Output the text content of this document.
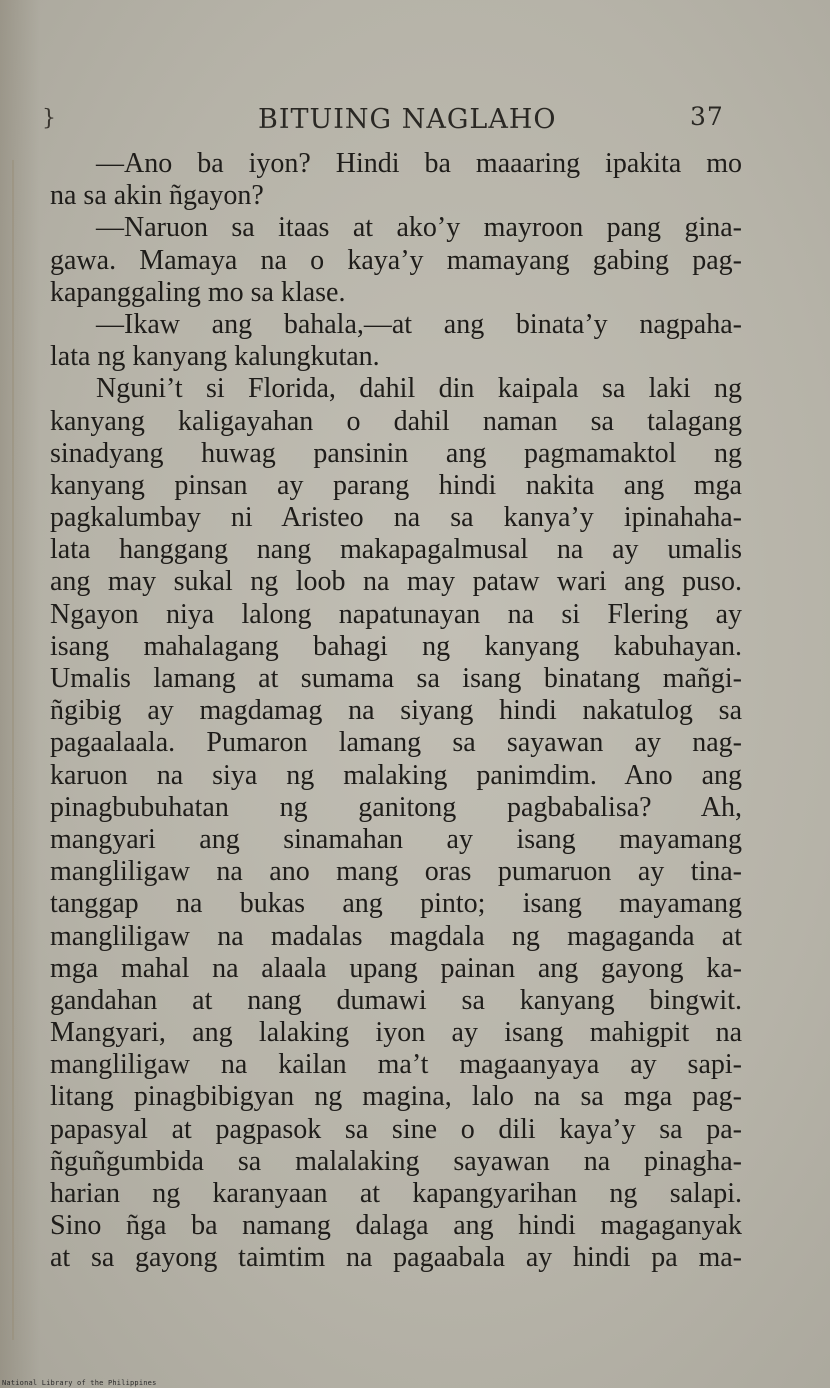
}	BITUING NAGLAHO	37
—Ano ba iyon? Hindi ba maaaring ipakita mo
na sa akin ñgayon?
—Naruon sa itaas at ako’y mayroon pang gina-
gawa. Mamaya na o kaya’y mamayang gabing pag-
kapanggaling mo sa klase.
—Ikaw ang bahala,—at ang binata’y nagpaha-
lata ng kanyang kalungkutan.
Nguni’t si Florida, dahil din kaipala sa laki ng
kanyang kaligayahan o dahil naman sa talagang
sinadyang huwag pansinin ang pagmamaktol ng
kanyang pinsan ay parang hindi nakita ang mga
pagkalumbay ni Aristeo na sa kanya’y ipinahaha-
lata hanggang nang makapagalmusal na ay umalis
ang may sukal ng loob na may pataw wari ang puso.
Ngayon niya lalong napatunayan na si Flering ay
isang mahalagang bahagi ng kanyang kabuhayan.
Umalis lamang at sumama sa isang binatang mañgi-
ñgibig ay magdamag na siyang hindi nakatulog sa
pagaalaala. Pumaron lamang sa sayawan ay nag-
karuon na siya ng malaking panimdim. Ano ang
pinagbubuhatan ng ganitong pagbabalisa? Ah,
mangyari ang sinamahan ay isang mayamang
mangliligaw na ano mang oras pumaruon ay tina-
tanggap na bukas ang pinto; isang mayamang
mangliligaw na madalas magdala ng magaganda at
mga mahal na alaala upang painan ang gayong ka-
gandahan at nang dumawi sa kanyang bingwit.
Mangyari, ang lalaking iyon ay isang mahigpit na
mangliligaw na kailan ma’t magaanyaya ay sapi-
litang pinagbibigyan ng magina, lalo na sa mga pag-
papasyal at pagpasok sa sine o dili kaya’y sa pa-
ñguñgumbida sa malalaking sayawan na pinagha-
harian ng karanyaan at kapangyarihan ng salapi.
Sino ñga ba namang dalaga ang hindi magaganyak
at sa gayong taimtim na pagaabala ay hindi pa ma-
National Library of the Philippines
